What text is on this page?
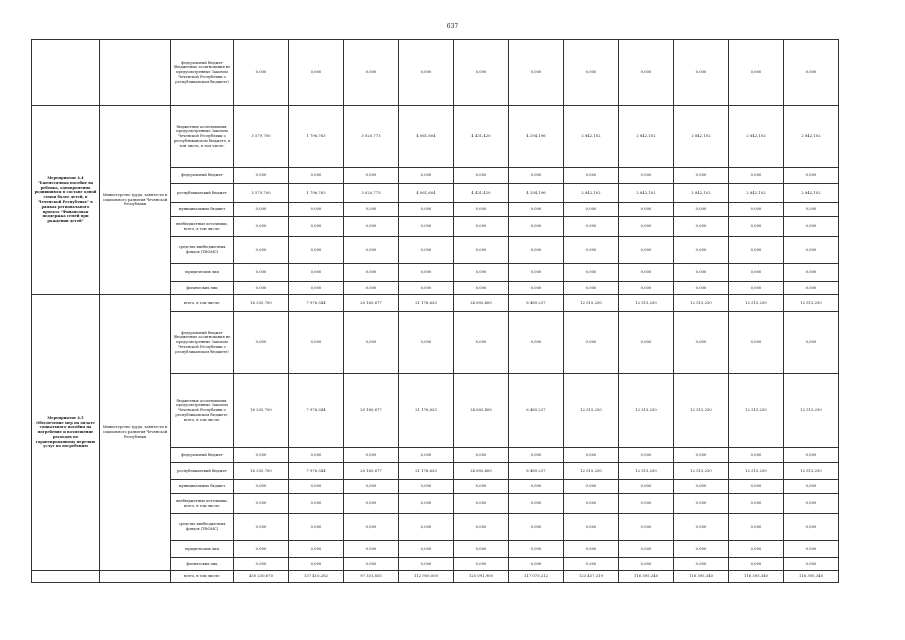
637
		федеральный бюджет (бюджетные ассигнования не предусмотренные Законом Чеченской Республики о республиканском бюджете)	0,000	0,000	0,000	0,000	0,000	0,000	0,000	0,000	0,000	0,000	0,000
Мероприятие 4.4 "Ежемесячная пособие на ребенка, одновременно родившимся в составе одной семьи более детей, в Чеченской Республике" в рамках регионального проекта "Финансовая поддержка семей при рождении детей"	Министерство труда, занятости и социального развития Чеченской Республики	бюджетные ассигнования, предусмотренные Законом Чеченской Республики о республиканском бюджете, в том числе, в том числе:	3 579,700	1 796,763	3 020,773	4 061,604	4 431,420	4 294,196	2 842,102	2 842,102	2 842,102	2 842,102	2 842,102
		федеральный бюджет	0,000	0,000	0,000	0,000	0,000	0,000	0,000	0,000	0,000	0,000	0,000
		республиканский бюджет	3 579,700	1 796,763	3 020,773	4 061,604	4 431,420	4 294,196	2 842,102	2 842,102	2 842,102	2 842,102	2 842,102
		муниципальных бюджет	0,000	0,000	0,000	0,000	0,000	0,000	0,000	0,000	0,000	0,000	0,000
		внебюджетные источники, всего, в том числе:	0,000	0,000	0,000	0,000	0,000	0,000	0,000	0,000	0,000	0,000	0,000
		средства внебюджетных фондов (ТФОМС)	0,000	0,000	0,000	0,000	0,000	0,000	0,000	0,000	0,000	0,000	0,000
		юридических лиц	0,000	0,000	0,000	0,000	0,000	0,000	0,000	0,000	0,000	0,000	0,000
		физических лиц	0,000	0,000	0,000	0,000	0,000	0,000	0,000	0,000	0,000	0,000	0,000
Мероприятие 4.5 Обеспечение мер по оплате социального пособия на погребение и возмещение расходов по гарантированному перечню услуг по погребению	Министерство труда, занятости и социального развития Чеченской Республики	всего, в том числе:	16 335,700	7 976,344	20 165,677	21 176,633	24 693,400	6 469,237	12 515,250	12 515,250	12 515,250	12 515,250	12 515,250
		федеральный бюджет (бюджетные ассигнования не предусмотренные Законом Чеченской Республики о республиканском бюджете)	0,000	0,000	0,000	0,000	0,000	0,000	0,000	0,000	0,000	0,000	0,000
		бюджетные ассигнования, предусмотренные Законом Чеченской Республики о республиканском бюджете, всего, в том числе:	16 335,700	7 976,344	20 165,677	21 176,633	24 693,400	6 469,237	12 515,250	12 515,250	12 515,250	12 515,250	12 515,250
		федеральный бюджет	0,000	0,000	0,000	0,000	0,000	0,000	0,000	0,000	0,000	0,000	0,000
		республиканский бюджет	16 335,700	7 976,344	20 165,677	21 176,633	24 693,400	6 469,237	12 515,250	12 515,250	12 515,250	12 515,250	12 515,250
		муниципальных бюджет	0,000	0,000	0,000	0,000	0,000	0,000	0,000	0,000	0,000	0,000	0,000
		внебюджетные источники, всего, в том числе:	0,000	0,000	0,000	0,000	0,000	0,000	0,000	0,000	0,000	0,000	0,000
		средства внебюджетных фондов (ТФОМС)	0,000	0,000	0,000	0,000	0,000	0,000	0,000	0,000	0,000	0,000	0,000
		юридических лиц	0,000	0,000	0,000	0,000	0,000	0,000	0,000	0,000	0,000	0,000	0,000
		физических лиц	0,000	0,000	0,000	0,000	0,000	0,000	0,000	0,000	0,000	0,000	0,000
		всего, в том числе:	450 230,670	137 410,282	97 331,855	112 950,000	125 091,900	117 075,212	123 457,319	116 395,340	116 395,340	116 395,340	116 395,340
